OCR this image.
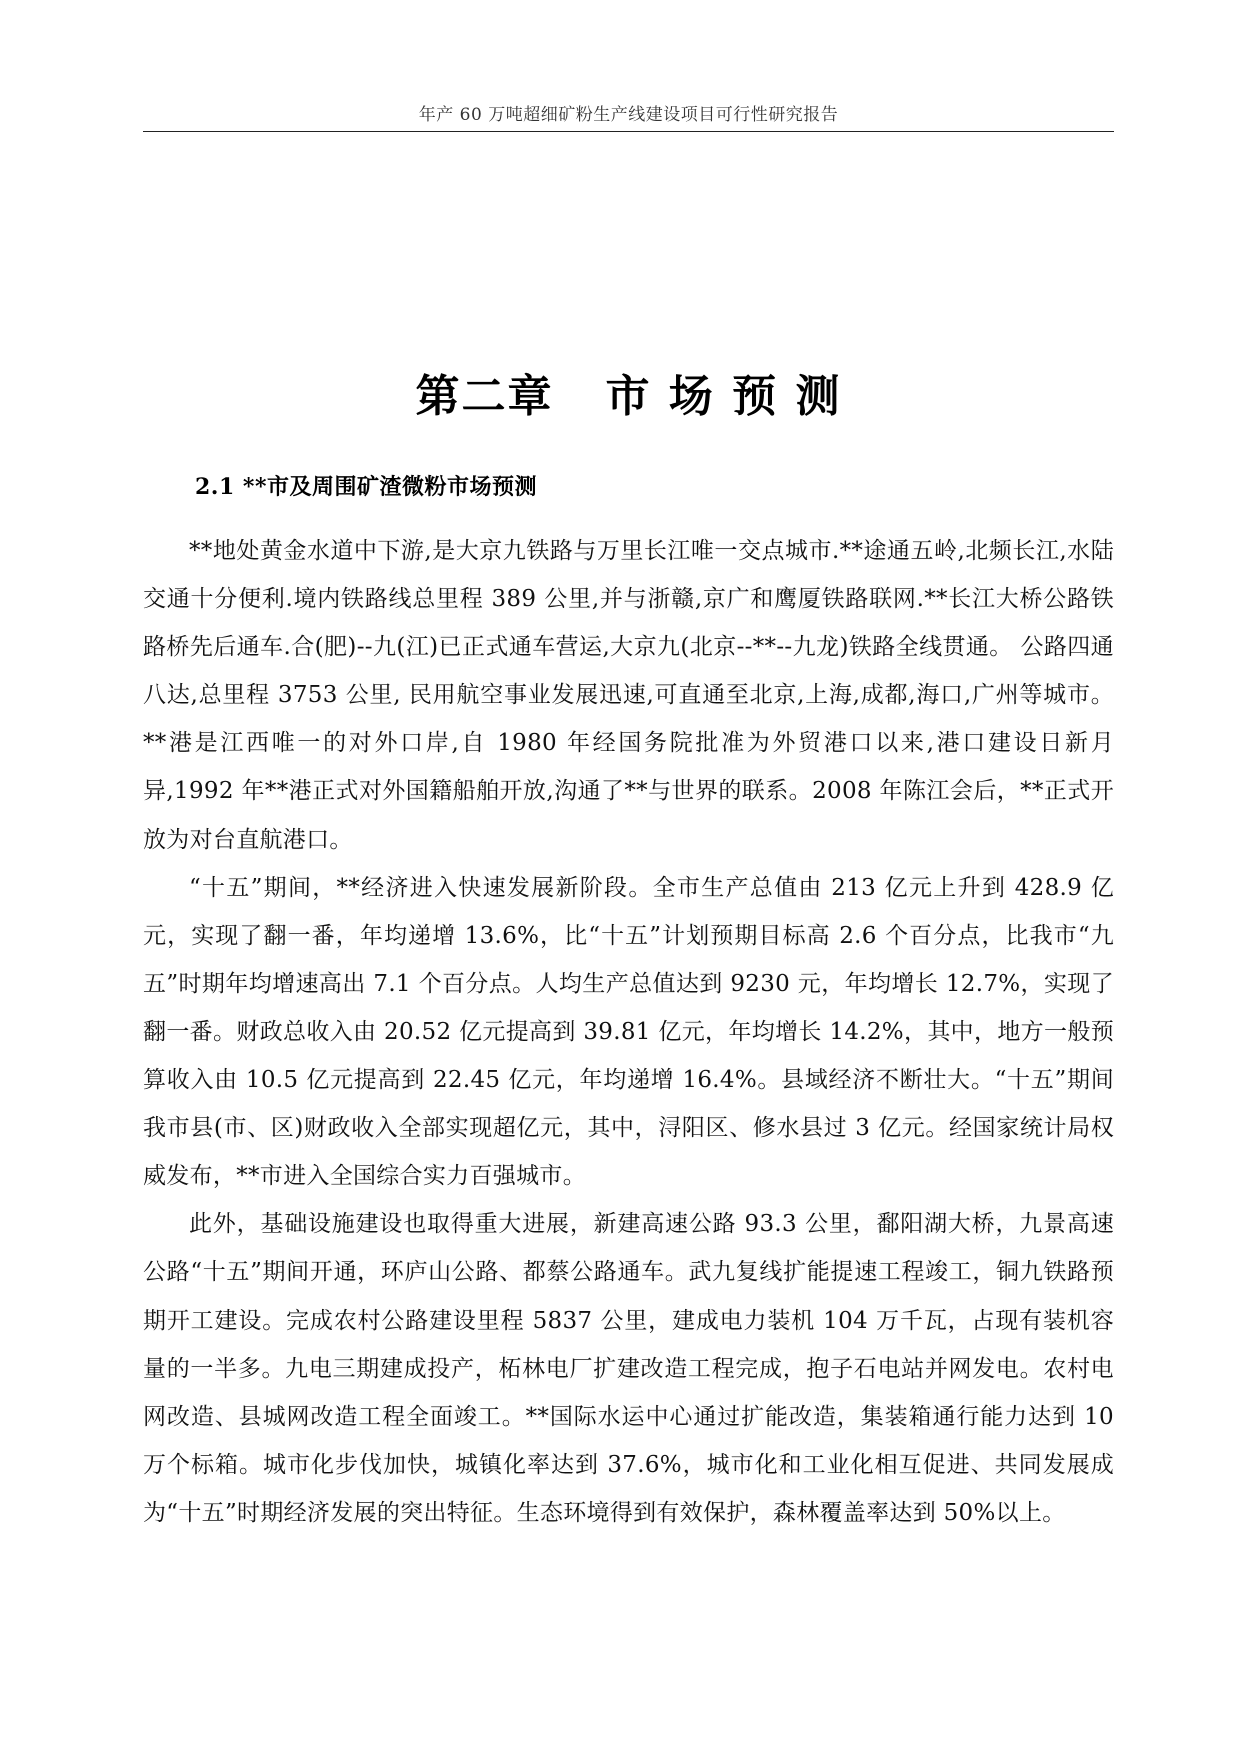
年产 60 万吨超细矿粉生产线建设项目可行性研究报告
第二章   市 场 预 测
2.1 **市及周围矿渣微粉市场预测

**地处黄金水道中下游,是大京九铁路与万里长江唯一交点城市.**途通五岭,北频长江,水陆交通十分便利.境内铁路线总里程 389 公里,并与浙赣,京广和鹰厦铁路联网.**长江大桥公路铁路桥先后通车.合(肥)--九(江)已正式通车营运,大京九(北京--**--九龙)铁路全线贯通。 公路四通八达,总里程 3753 公里, 民用航空事业发展迅速,可直通至北京,上海,成都,海口,广州等城市。 **港是江西唯一的对外口岸,自 1980 年经国务院批准为外贸港口以来,港口建设日新月异,1992 年**港正式对外国籍船舶开放,沟通了**与世界的联系。2008 年陈江会后，**正式开放为对台直航港口。

“十五”期间，**经济进入快速发展新阶段。全市生产总值由 213 亿元上升到 428.9 亿元，实现了翻一番，年均递增 13.6%，比“十五”计划预期目标高 2.6 个百分点，比我市“九五”时期年均增速高出 7.1 个百分点。人均生产总值达到 9230 元，年均增长 12.7%，实现了翻一番。财政总收入由 20.52 亿元提高到 39.81 亿元，年均增长 14.2%，其中，地方一般预算收入由 10.5 亿元提高到 22.45 亿元，年均递增 16.4%。县域经济不断壮大。“十五”期间我市县(市、区)财政收入全部实现超亿元，其中，浔阳区、修水县过 3 亿元。经国家统计局权威发布，**市进入全国综合实力百强城市。

此外，基础设施建设也取得重大进展，新建高速公路 93.3 公里，鄱阳湖大桥，九景高速公路“十五”期间开通，环庐山公路、都蔡公路通车。武九复线扩能提速工程竣工，铜九铁路预期开工建设。完成农村公路建设里程 5837 公里，建成电力装机 104 万千瓦，占现有装机容量的一半多。九电三期建成投产，柘林电厂扩建改造工程完成，抱子石电站并网发电。农村电网改造、县城网改造工程全面竣工。**国际水运中心通过扩能改造，集装箱通行能力达到 10 万个标箱。城市化步伐加快，城镇化率达到 37.6%，城市化和工业化相互促进、共同发展成为“十五”时期经济发展的突出特征。生态环境得到有效保护，森林覆盖率达到 50%以上。
